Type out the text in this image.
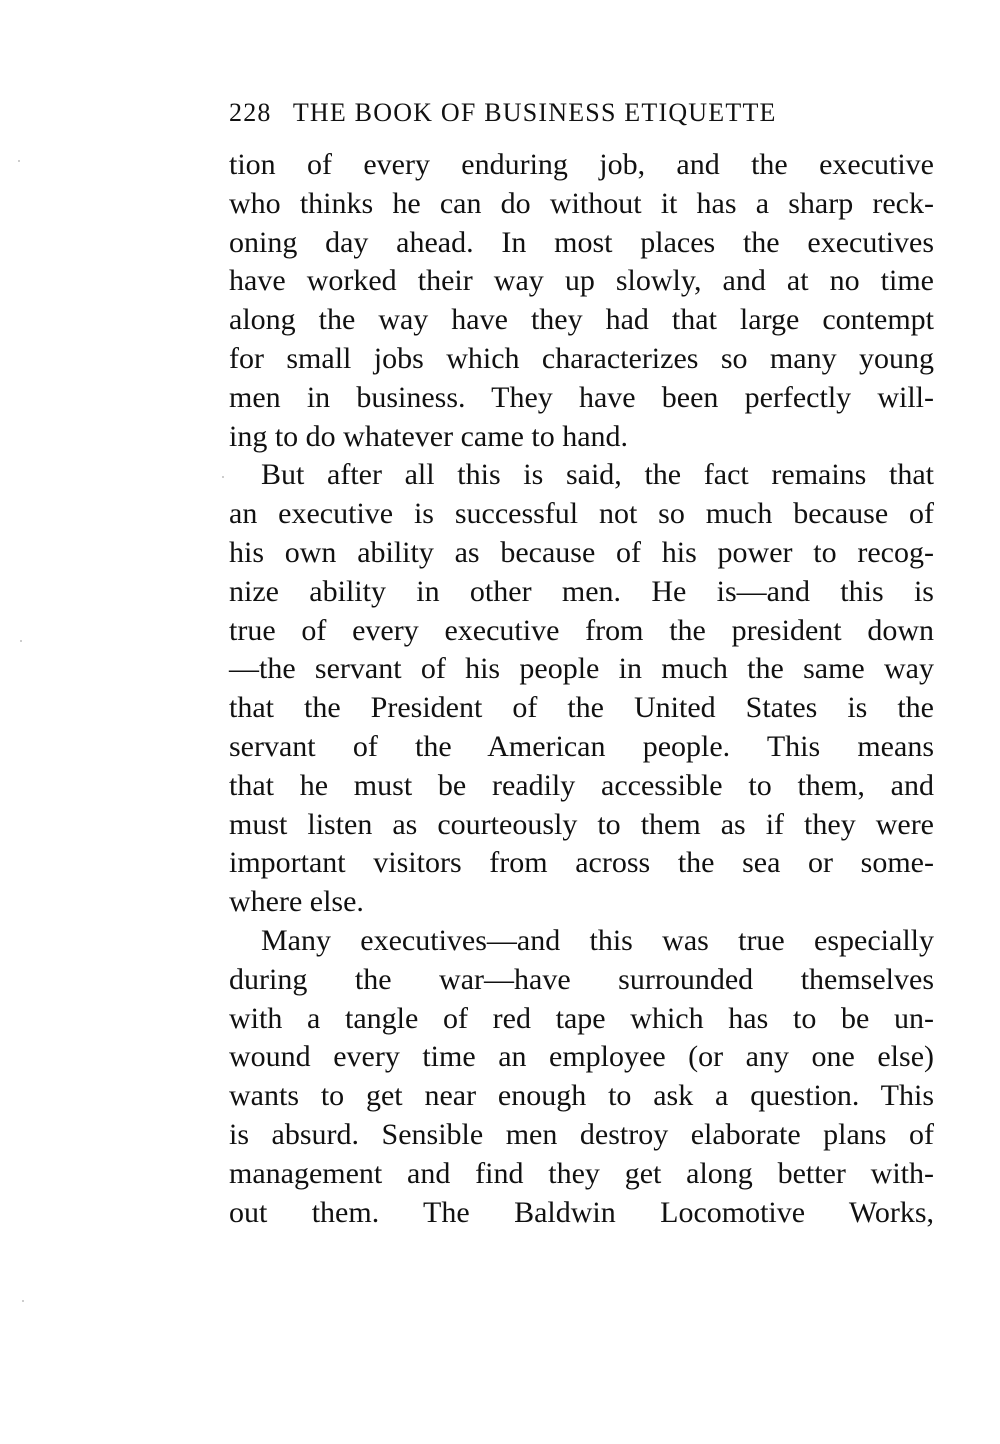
228 THE BOOK OF BUSINESS ETIQUETTE
tion of every enduring job, and the executive
who thinks he can do without it has a sharp reck-
oning day ahead. In most places the executives
have worked their way up slowly, and at no time
along the way have they had that large contempt
for small jobs which characterizes so many young
men in business. They have been perfectly will-
ing to do whatever came to hand.
But after all this is said, the fact remains that
an executive is successful not so much because of
his own ability as because of his power to recog-
nize ability in other men. He is—and this is
true of every executive from the president down
—the servant of his people in much the same way
that the President of the United States is the
servant of the American people. This means
that he must be readily accessible to them, and
must listen as courteously to them as if they were
important visitors from across the sea or some-
where else.
Many executives—and this was true especially
during the war—have surrounded themselves
with a tangle of red tape which has to be un-
wound every time an employee (or any one else)
wants to get near enough to ask a question. This
is absurd. Sensible men destroy elaborate plans of
management and find they get along better with-
out them. The Baldwin Locomotive Works,
